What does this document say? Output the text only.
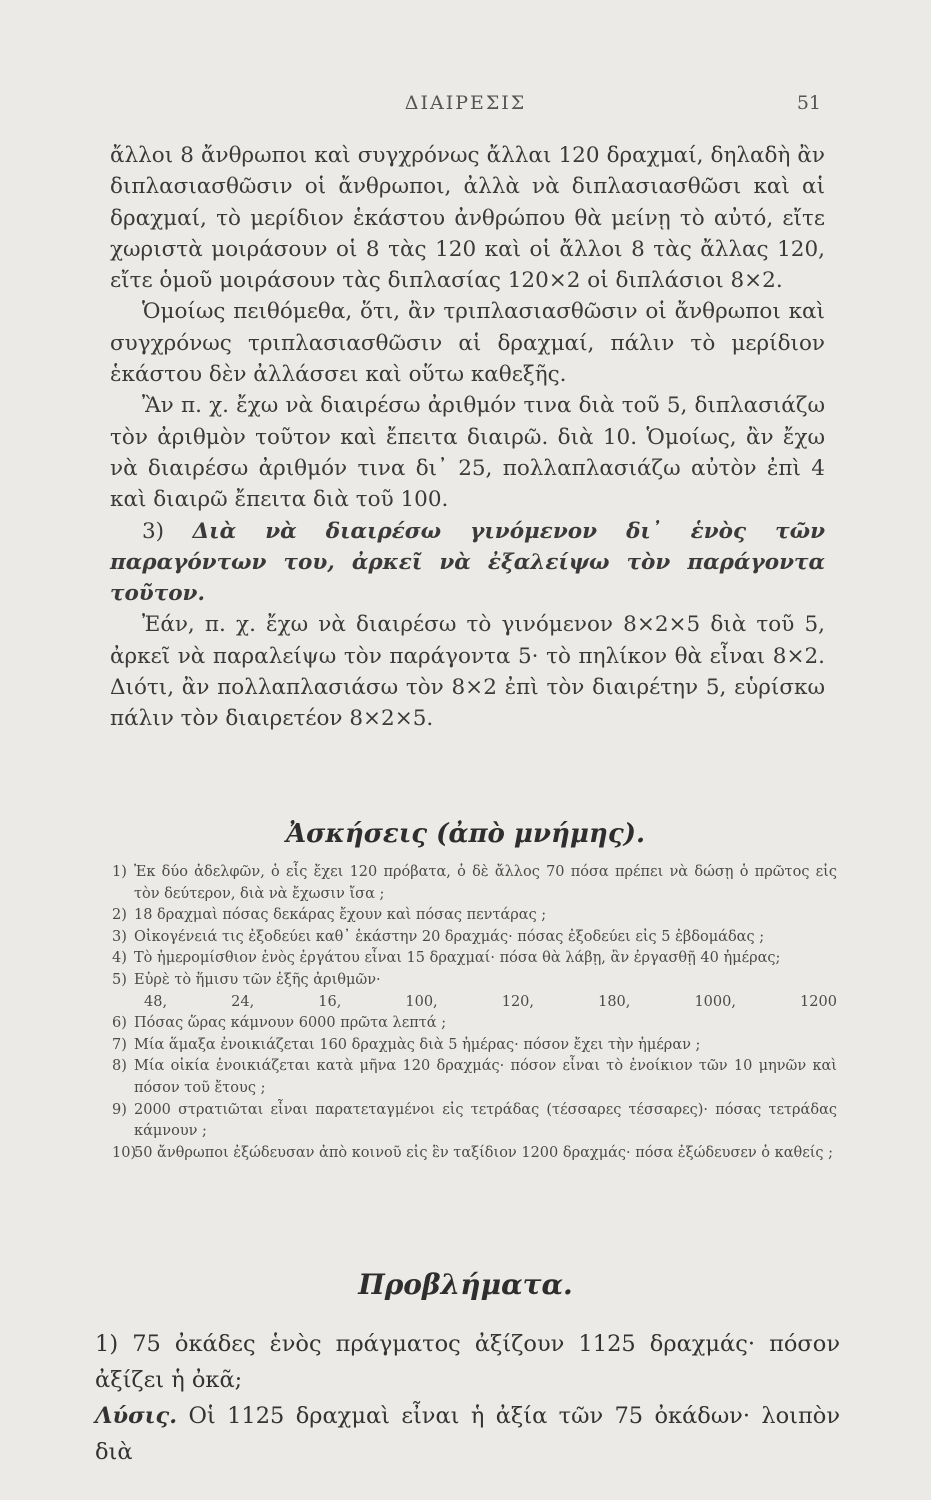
ΔΙΑΙΡΕΣΙΣ	51

ἄλλοι 8 ἄνθρωποι καὶ συγχρόνως ἄλλαι 120 δραχμαί, δηλαδὴ ἂν διπλασιασθῶσιν οἱ ἄνθρωποι, ἀλλὰ νὰ διπλασιασθῶσι καὶ αἱ δραχμαί, τὸ μερίδιον ἑκάστου ἀνθρώπου θὰ μείνῃ τὸ αὐτό, εἴτε χωριστὰ μοιράσουν οἱ 8 τὰς 120 καὶ οἱ ἄλλοι 8 τὰς ἄλλας 120, εἴτε ὁμοῦ μοιράσουν τὰς διπλασίας 120×2 οἱ διπλάσιοι 8×2.

Ὁμοίως πειθόμεθα, ὅτι, ἂν τριπλασιασθῶσιν οἱ ἄνθρωποι καὶ συγχρόνως τριπλασιασθῶσιν αἱ δραχμαί, πάλιν τὸ μερίδιον ἑκάστου δὲν ἀλλάσσει καὶ οὕτω καθεξῆς.

Ἂν π. χ. ἔχω νὰ διαιρέσω ἀριθμόν τινα διὰ τοῦ 5, διπλασιάζω τὸν ἀριθμὸν τοῦτον καὶ ἔπειτα διαιρῶ. διὰ 10. Ὁμοίως, ἂν ἔχω νὰ διαιρέσω ἀριθμόν τινα δι᾿ 25, πολλαπλασιάζω αὐτὸν ἐπὶ 4 καὶ διαιρῶ ἔπειτα διὰ τοῦ 100.

3) Διὰ νὰ διαιρέσω γινόμενον δι᾿ ἑνὸς τῶν παραγόντων του, ἀρκεῖ νὰ ἐξαλείψω τὸν παράγοντα τοῦτον.

Ἐάν, π. χ. ἔχω νὰ διαιρέσω τὸ γινόμενον 8×2×5 διὰ τοῦ 5, ἀρκεῖ νὰ παραλείψω τὸν παράγοντα 5· τὸ πηλίκον θὰ εἶναι 8×2. Διότι, ἂν πολλαπλασιάσω τὸν 8×2 ἐπὶ τὸν διαιρέτην 5, εὑρίσκω πάλιν τὸν διαιρετέον 8×2×5.

Ἀσκήσεις (ἀπὸ μνήμης).
1) Ἐκ δύο ἀδελφῶν, ὁ εἷς ἔχει 120 πρόβατα, ὁ δὲ ἄλλος 70 πόσα πρέπει νὰ δώσῃ ὁ πρῶτος εἰς τὸν δεύτερον, διὰ νὰ ἔχωσιν ἴσα ;
2) 18 δραχμαὶ πόσας δεκάρας ἔχουν καὶ πόσας πεντάρας ;
3) Οἰκογένειά τις ἐξοδεύει καθ᾿ ἑκάστην 20 δραχμάς· πόσας ἐξοδεύει εἰς 5 ἑβδομάδας ;
4) Τὸ ἡμερομίσθιον ἑνὸς ἐργάτου εἶναι 15 δραχμαί· πόσα θὰ λάβῃ, ἂν ἐργασθῇ 40 ἡμέρας;
5) Εὑρὲ τὸ ἥμισυ τῶν ἑξῆς ἀριθμῶν·
48,	24,	16,	100,	120,	180,	1000,	1200
6) Πόσας ὥρας κάμνουν 6000 πρῶτα λεπτά ;
7) Μία ἅμαξα ἐνοικιάζεται 160 δραχμὰς διὰ 5 ἡμέρας· πόσον ἔχει τὴν ἡμέραν ;
8) Μία οἰκία ἐνοικιάζεται κατὰ μῆνα 120 δραχμάς· πόσον εἶναι τὸ ἐνοίκιον τῶν 10 μηνῶν καὶ πόσον τοῦ ἔτους ;
9) 2000 στρατιῶται εἶναι παρατεταγμένοι εἰς τετράδας (τέσσαρες τέσσαρες)· πόσας τετράδας κάμνουν ;
10)
50 ἄνθρωποι ἐξώδευσαν ἀπὸ κοινοῦ εἰς ἓν ταξίδιον 1200 δραχμάς· πόσα ἐξώδευσεν ὁ καθείς ;
Προβλήματα.

1) 75 ὀκάδες ἑνὸς πράγματος ἀξίζουν 1125 δραχμάς· πόσον ἀξίζει ἡ ὀκᾶ;

Λύσις. Οἱ 1125 δραχμαὶ εἶναι ἡ ἀξία τῶν 75 ὀκάδων· λοιπὸν διὰ
